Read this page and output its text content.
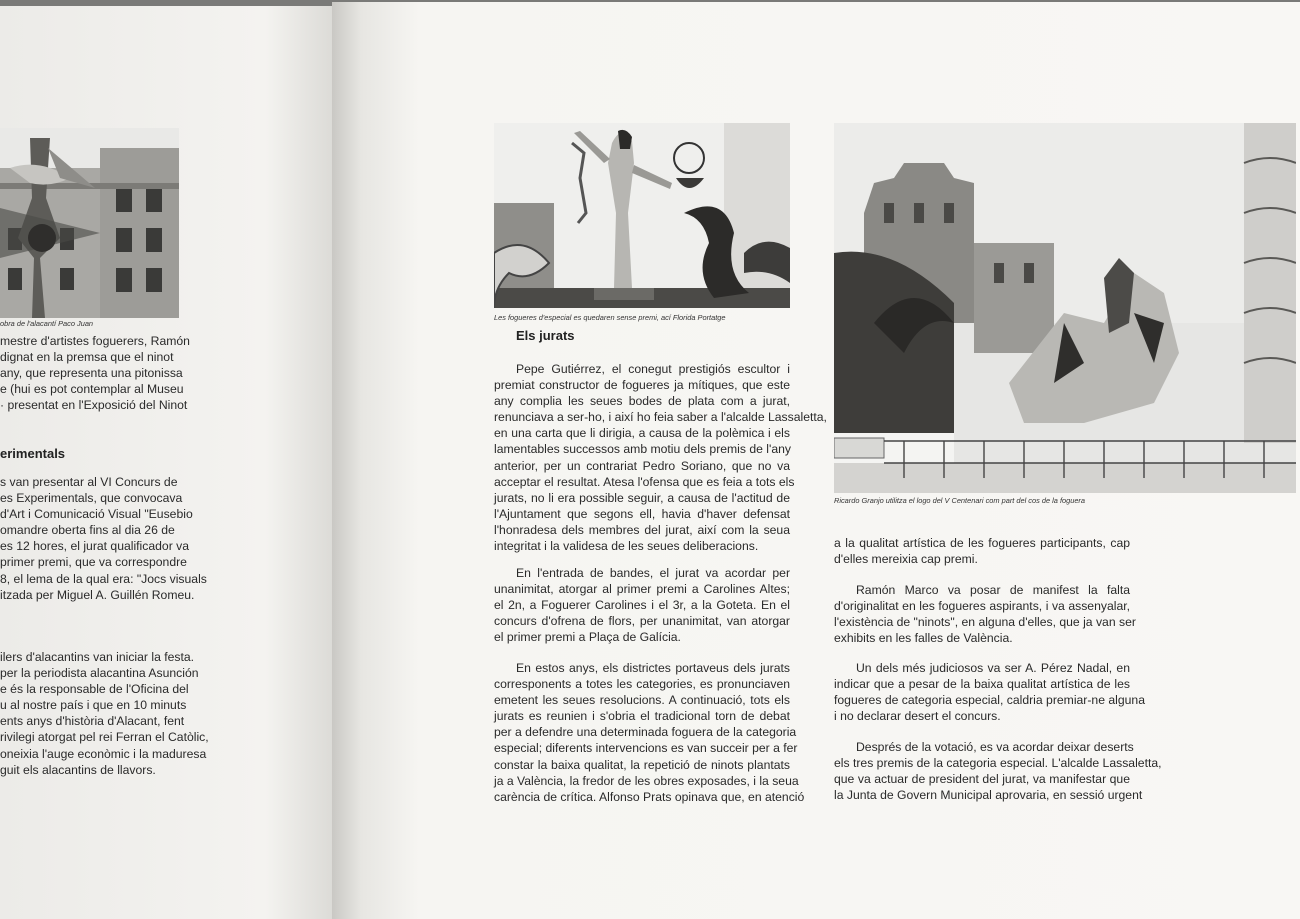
obra de l'alacantí Paco Juan
mestre d'artistes foguerers, Ramón
dignat en la premsa que el ninot
any, que representa una pitonissa
e (hui es pot contemplar al Museu
· presentat en l'Exposició del Ninot
erimentals
s van presentar al VI Concurs de
es Experimentals, que convocava
d'Art i Comunicació Visual "Eusebio
omandre oberta fins al dia 26 de
es 12 hores, el jurat qualificador va
primer premi, que va correspondre
8, el lema de la qual era: "Jocs visuals
itzada per Miguel A. Guillén Romeu.
ilers d'alacantins van iniciar la festa.
per la periodista alacantina Asunción
e és la responsable de l'Oficina del
u al nostre país i que en 10 minuts
ents anys d'història d'Alacant, fent
rivilegi atorgat pel rei Ferran el Catòlic,
oneixia l'auge econòmic i la maduresa
guit els alacantins de llavors.
Les fogueres d'especial es quedaren sense premi, ací Florida Portatge
Ricardo Granjo utilitza el logo del V Centenari com part del cos de la foguera
Els jurats
Pepe Gutiérrez, el conegut prestigiós escultor i
premiat constructor de fogueres ja mítiques, que este
any complia les seues bodes de plata com a jurat,
renunciava a ser-ho, i així ho feia saber a l'alcalde Lassaletta,
en una carta que li dirigia, a causa de la polèmica i els
lamentables successos amb motiu dels premis de l'any
anterior, per un contrariat Pedro Soriano, que no va
acceptar el resultat. Atesa l'ofensa que es feia a tots els
jurats, no li era possible seguir, a causa de l'actitud de
l'Ajuntament que segons ell, havia d'haver defensat
l'honradesa dels membres del jurat, així com la seua
integritat i la validesa de les seues deliberacions.
En l'entrada de bandes, el jurat va acordar per
unanimitat, atorgar al primer premi a Carolines Altes;
el 2n, a Foguerer Carolines i el 3r, a la Goteta. En el
concurs d'ofrena de flors, per unanimitat, van atorgar
el primer premi a Plaça de Galícia.
En estos anys, els districtes portaveus dels jurats
corresponents a totes les categories, es pronunciaven
emetent les seues resolucions. A continuació, tots els
jurats es reunien i s'obria el tradicional torn de debat
per a defendre una determinada foguera de la categoria
especial; diferents intervencions es van succeir per a fer
constar la baixa qualitat, la repetició de ninots plantats
ja a València, la fredor de les obres exposades, i la seua
carència de crítica. Alfonso Prats opinava que, en atenció
a la qualitat artística de les fogueres participants, cap
d'elles mereixia cap premi.
Ramón Marco va posar de manifest la falta
d'originalitat en les fogueres aspirants, i va assenyalar,
l'existència de "ninots", en alguna d'elles, que ja van ser
exhibits en les falles de València.
Un dels més judiciosos va ser A. Pérez Nadal, en
indicar que a pesar de la baixa qualitat artística de les
fogueres de categoria especial, caldria premiar-ne alguna
i no declarar desert el concurs.
Després de la votació, es va acordar deixar deserts
els tres premis de la categoria especial. L'alcalde Lassaletta,
que va actuar de president del jurat, va manifestar que
la Junta de Govern Municipal aprovaria, en sessió urgent
